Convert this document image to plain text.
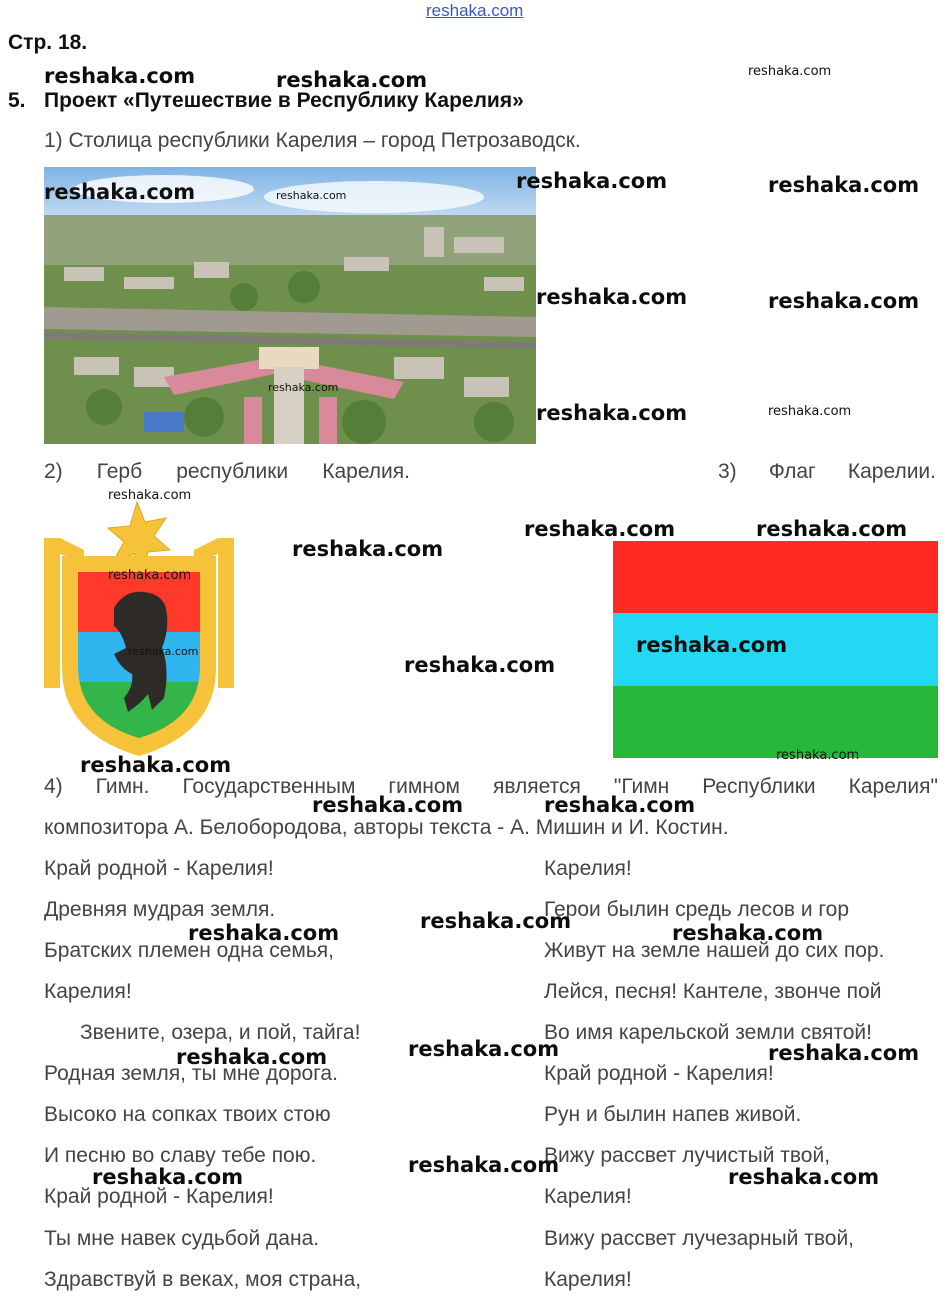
reshaka.com
Стр. 18.
5. Проект «Путешествие в Республику Карелия»
1) Столица республики Карелия – город Петрозаводск.
2) Герб республики Карелия.	3) Флаг Карелии.
4) Гимн. Государственным гимном является "Гимн Республики Карелия"
композитора А. Белобородова, авторы текста - А. Мишин и И. Костин.
Край родной - Карелия!
Древняя мудрая земля.
Братских племен одна семья,
Карелия!
Звените, озера, и пой, тайга!
Родная земля, ты мне дорога.
Высоко на сопках твоих стою
И песню во славу тебе пою.
Край родной - Карелия!
Ты мне навек судьбой дана.
Здравствуй в веках, моя страна,
Карелия!
Герои былин средь лесов и гор
Живут на земле нашей до сих пор.
Лейся, песня! Кантеле, звонче пой
Во имя карельской земли святой!
Край родной - Карелия!
Рун и былин напев живой.
Вижу рассвет лучистый твой,
Карелия!
Вижу рассвет лучезарный твой,
Карелия!
reshaka.com	reshaka.com	reshaka.com
reshaka.com	reshaka.com
reshaka.com	reshaka.com
reshaka.com	reshaka.com
reshaka.com
reshaka.com	reshaka.com
reshaka.com
reshaka.com	reshaka.com
reshaka.com
reshaka.com
reshaka.com
reshaka.com
reshaka.com
reshaka.com	reshaka.com
reshaka.com	reshaka.com
reshaka.com
reshaka.com	reshaka.com
reshaka.com
reshaka.com	reshaka.com
reshaka.com
reshaka.com	reshaka.com
